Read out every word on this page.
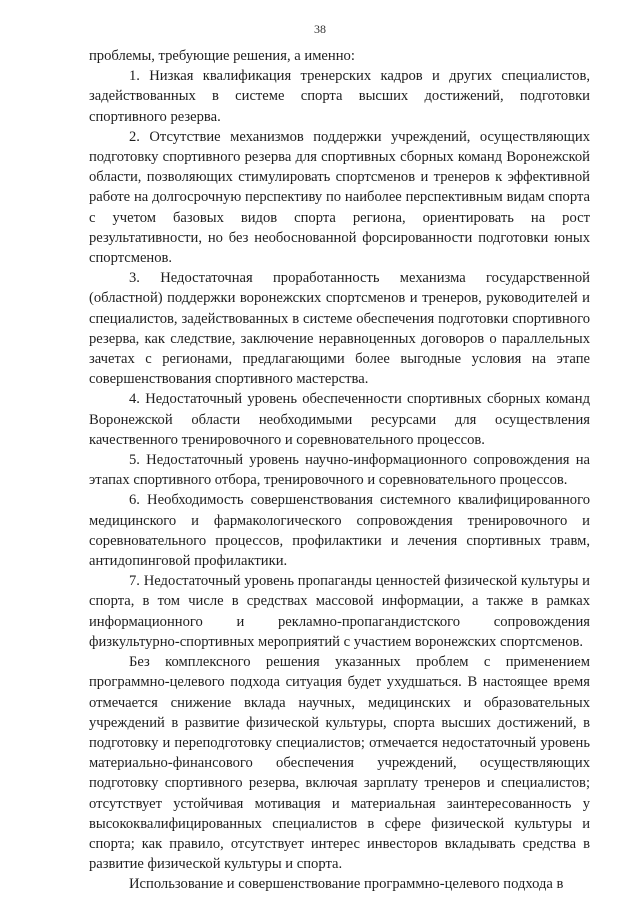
38

проблемы, требующие решения, а именно:

1. Низкая квалификация тренерских кадров и других специалистов, задействованных в системе спорта высших достижений, подготовки спортивного резерва.

2. Отсутствие механизмов поддержки учреждений, осуществляющих подготовку спортивного резерва для спортивных сборных команд Воронежской области, позволяющих стимулировать спортсменов и тренеров к эффективной работе на долгосрочную перспективу по наиболее перспективным видам спорта с учетом базовых видов спорта региона, ориентировать на рост результативности, но без необоснованной форсированности подготовки юных спортсменов.

3. Недостаточная проработанность механизма государственной (областной) поддержки воронежских спортсменов и тренеров, руководителей и специалистов, задействованных в системе обеспечения подготовки спортивного резерва, как следствие, заключение неравноценных договоров о параллельных зачетах с регионами, предлагающими более выгодные условия на этапе совершенствования спортивного мастерства.

4. Недостаточный уровень обеспеченности спортивных сборных команд Воронежской области необходимыми ресурсами для осуществления качественного тренировочного и соревновательного процессов.

5. Недостаточный уровень научно-информационного сопровождения на этапах спортивного отбора, тренировочного и соревновательного процессов.

6. Необходимость совершенствования системного квалифицированного медицинского и фармакологического сопровождения тренировочного и соревновательного процессов, профилактики и лечения спортивных травм, антидопинговой профилактики.

7. Недостаточный уровень пропаганды ценностей физической культуры и спорта, в том числе в средствах массовой информации, а также в рамках информационного и рекламно-пропагандистского сопровождения физкультурно-спортивных мероприятий с участием воронежских спортсменов.

Без комплексного решения указанных проблем с применением программно-целевого подхода ситуация будет ухудшаться. В настоящее время отмечается снижение вклада научных, медицинских и образовательных учреждений в развитие физической культуры, спорта высших достижений, в подготовку и переподготовку специалистов; отмечается недостаточный уровень материально-финансового обеспечения учреждений, осуществляющих подготовку спортивного резерва, включая зарплату тренеров и специалистов; отсутствует устойчивая мотивация и материальная заинтересованность у высококвалифицированных специалистов в сфере физической культуры и спорта; как правило, отсутствует интерес инвесторов вкладывать средства в развитие физической культуры и спорта.

Использование и совершенствование программно-целевого подхода в
